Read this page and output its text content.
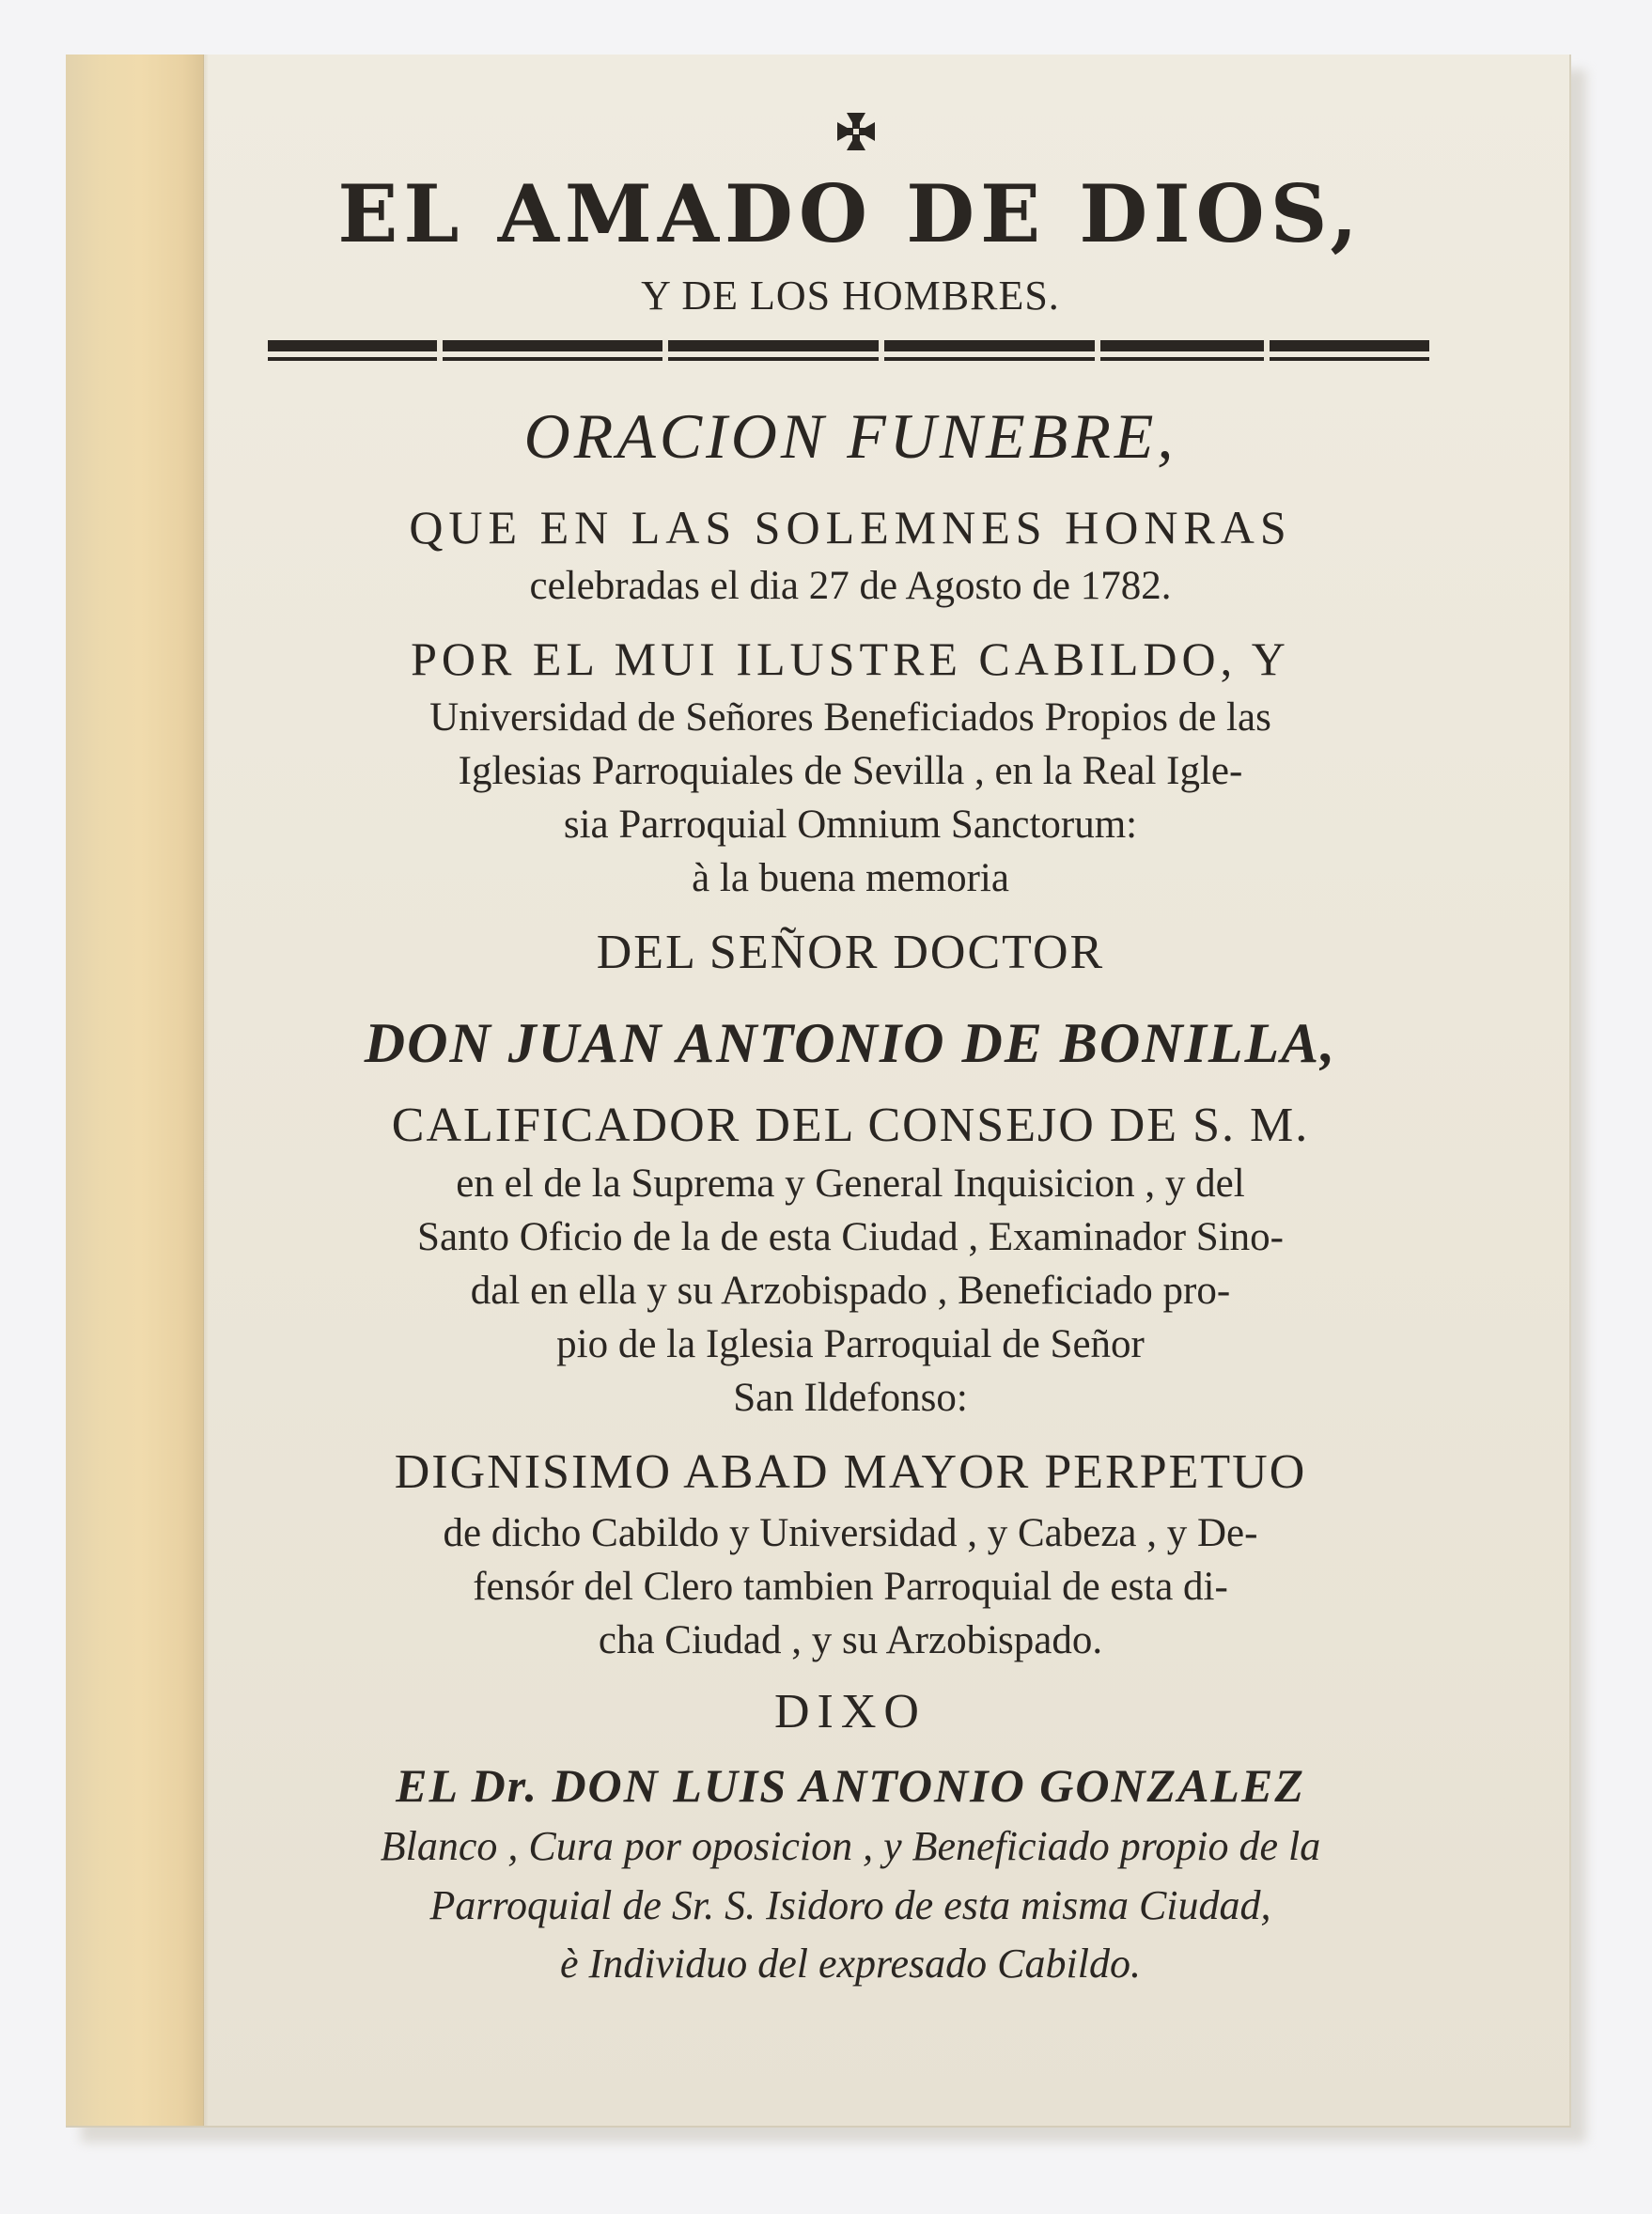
EL AMADO DE DIOS,
Y DE LOS HOMBRES.
ORACION FUNEBRE,
QUE EN LAS SOLEMNES HONRAS
celebradas el dia 27 de Agosto de 1782.
POR EL MUI ILUSTRE CABILDO, Y
Universidad de Señores Beneficiados Propios de las
Iglesias Parroquiales de Sevilla , en la Real Igle-
sia Parroquial Omnium Sanctorum:
à la buena memoria
DEL SEÑOR DOCTOR
DON JUAN ANTONIO DE BONILLA,
CALIFICADOR DEL CONSEJO DE S. M.
en el de la Suprema y General Inquisicion , y del
Santo Oficio de la de esta Ciudad , Examinador Sino-
dal en ella y su Arzobispado , Beneficiado pro-
pio de la Iglesia Parroquial de Señor
San Ildefonso:
DIGNISIMO ABAD MAYOR PERPETUO
de dicho Cabildo y Universidad , y Cabeza , y De-
fensór del Clero tambien Parroquial de esta di-
cha Ciudad , y su Arzobispado.
DIXO
EL Dr. DON LUIS ANTONIO GONZALEZ
Blanco , Cura por oposicion , y Beneficiado propio de la
Parroquial de Sr. S. Isidoro de esta misma Ciudad,
è Individuo del expresado Cabildo.
